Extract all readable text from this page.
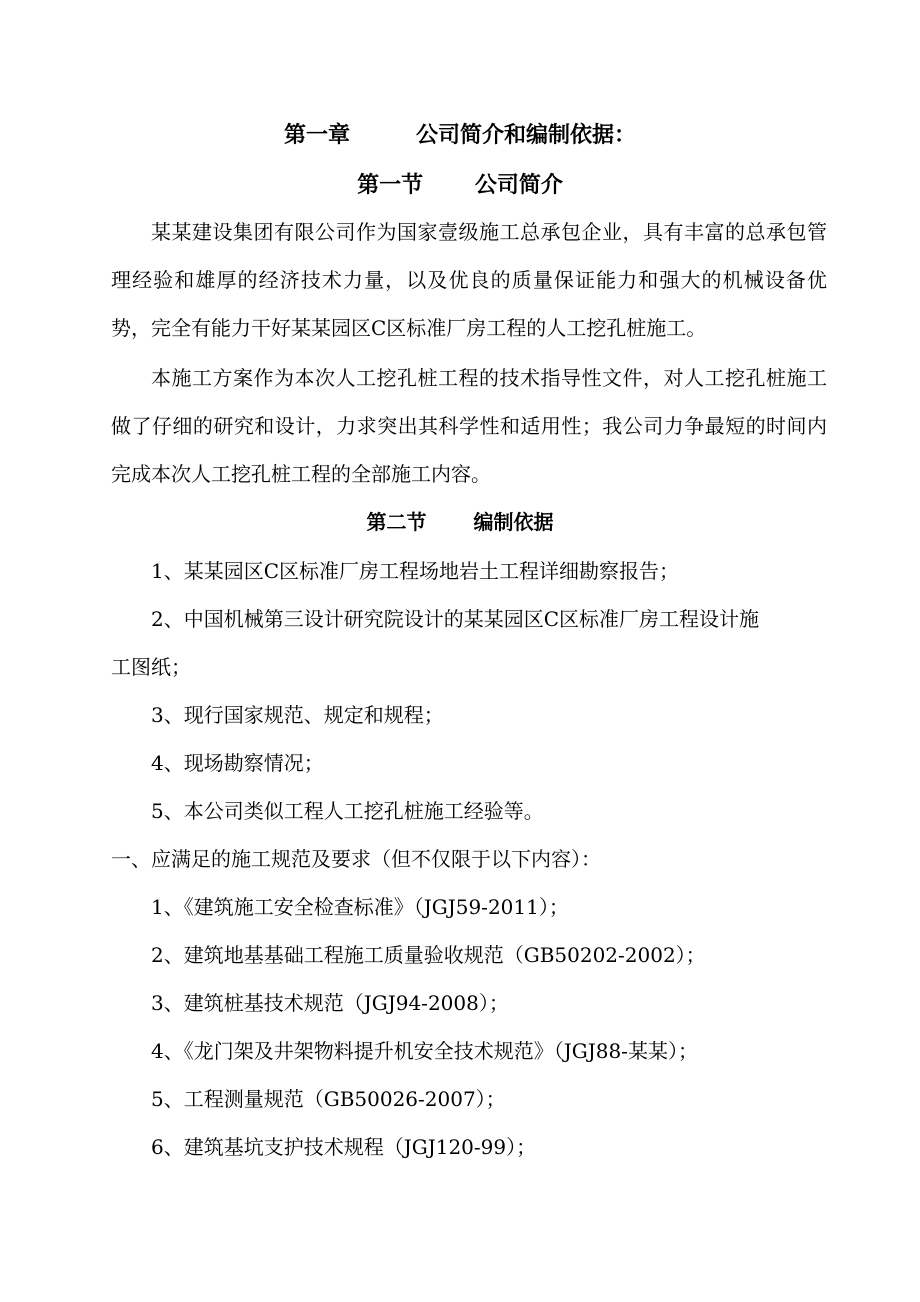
第一章　　　公司简介和编制依据：
第一节　　 公司简介

某某建设集团有限公司作为国家壹级施工总承包企业，具有丰富的总承包管理经验和雄厚的经济技术力量，以及优良的质量保证能力和强大的机械设备优势，完全有能力干好某某园区C区标准厂房工程的人工挖孔桩施工。

本施工方案作为本次人工挖孔桩工程的技术指导性文件，对人工挖孔桩施工做了仔细的研究和设计，力求突出其科学性和适用性；我公司力争最短的时间内完成本次人工挖孔桩工程的全部施工内容。

第二节　　 编制依据
1、某某园区C区标准厂房工程场地岩土工程详细勘察报告；
2、中国机械第三设计研究院设计的某某园区C区标准厂房工程设计施
工图纸；
3、现行国家规范、规定和规程；
4、现场勘察情况；
5、本公司类似工程人工挖孔桩施工经验等。
一、应满足的施工规范及要求（但不仅限于以下内容）：
1、《建筑施工安全检查标准》（JGJ59-2011）；
2、建筑地基基础工程施工质量验收规范（GB50202-2002）；
3、建筑桩基技术规范（JGJ94-2008）；
4、《龙门架及井架物料提升机安全技术规范》（JGJ88-某某）；
5、工程测量规范（GB50026-2007）；
6、建筑基坑支护技术规程（JGJ120-99）；
